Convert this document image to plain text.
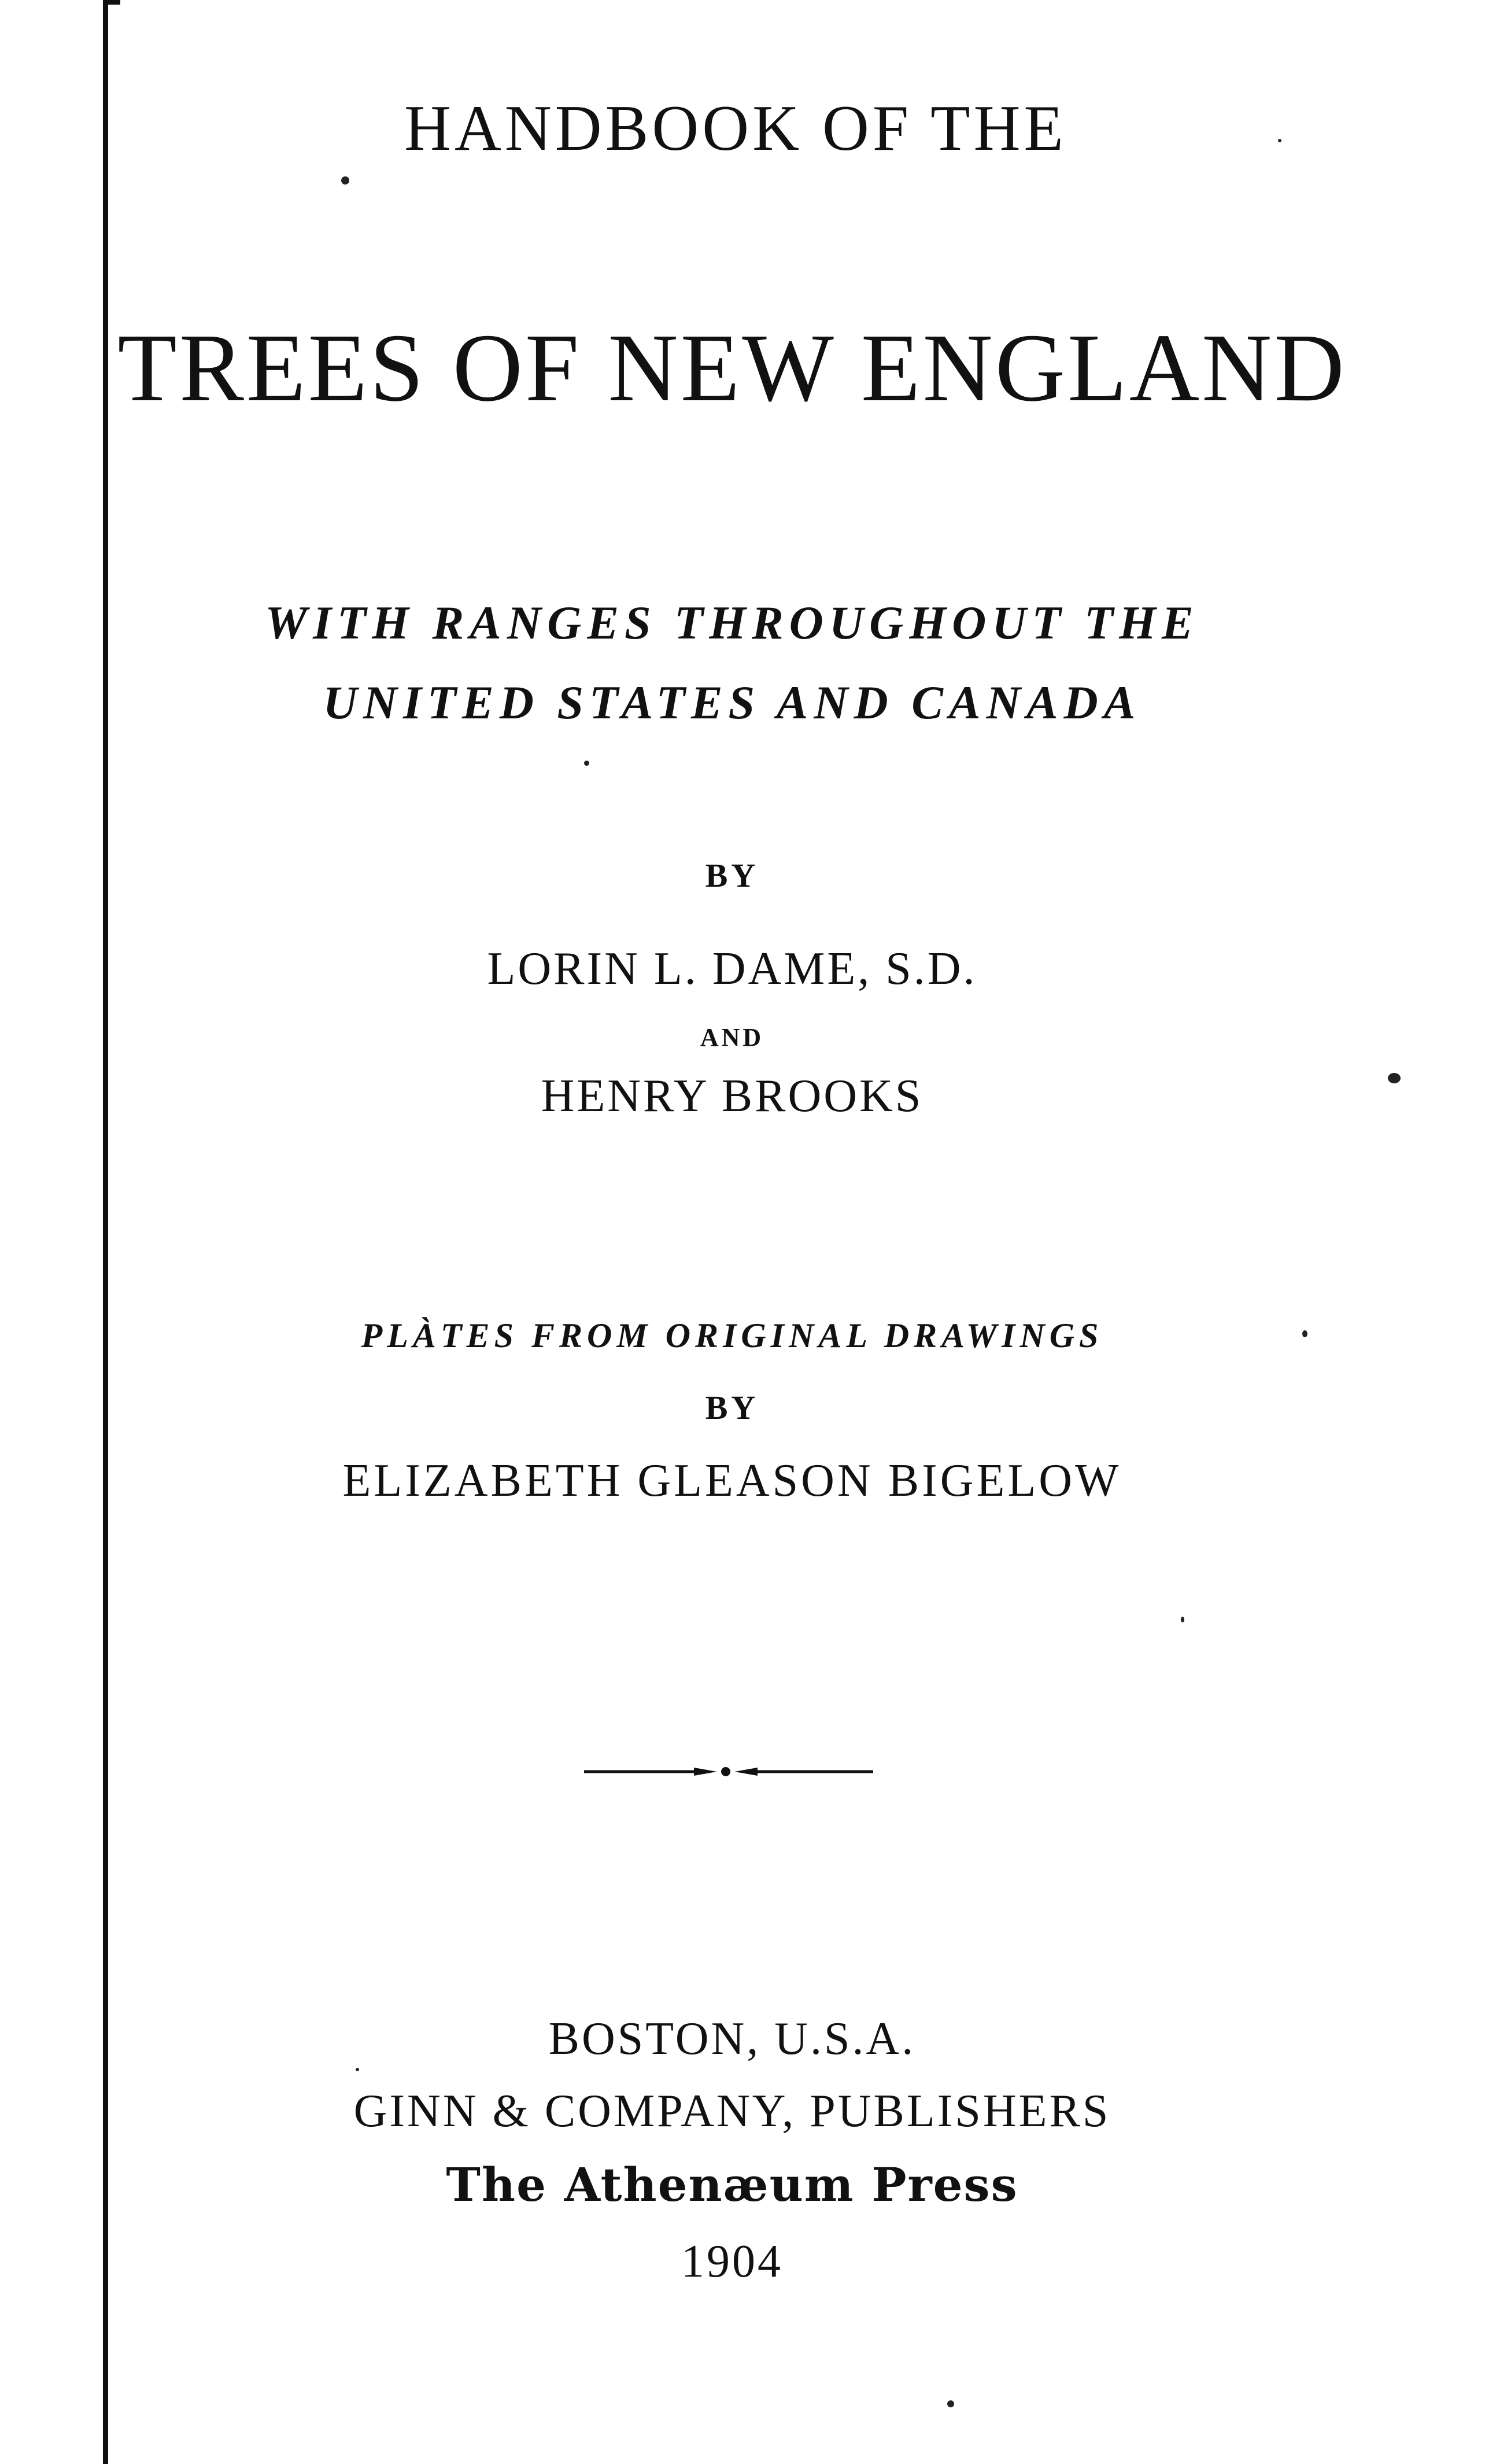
HANDBOOK OF THE
TREES OF NEW ENGLAND
WITH RANGES THROUGHOUT THE
UNITED STATES AND CANADA
BY
LORIN L. DAME, S.D.
AND
HENRY BROOKS
PLÀTES FROM ORIGINAL DRAWINGS
BY
ELIZABETH GLEASON BIGELOW
BOSTON, U.S.A.
GINN & COMPANY, PUBLISHERS
The Athenæum Press
1904
